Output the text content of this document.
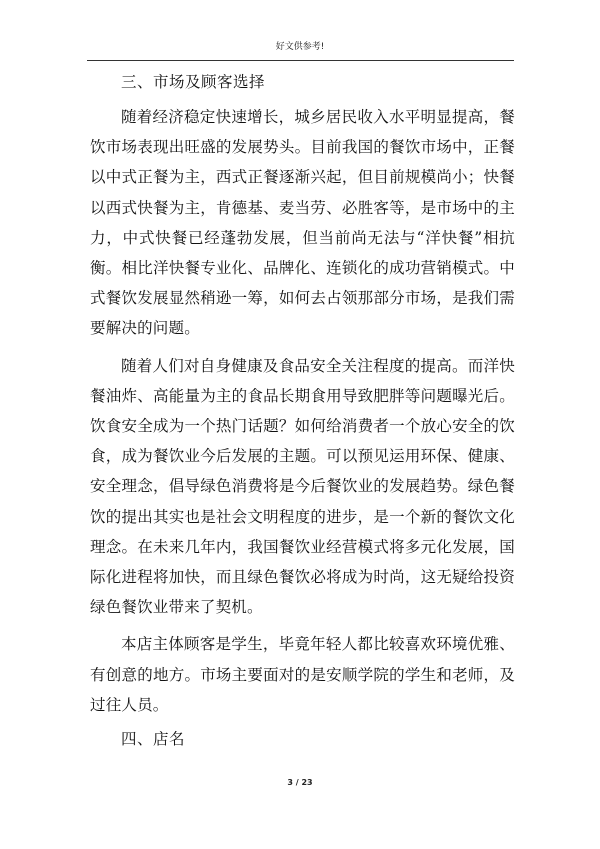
好文供参考!
三、市场及顾客选择

随着经济稳定快速增长，城乡居民收入水平明显提高，餐饮市场表现出旺盛的发展势头。目前我国的餐饮市场中，正餐以中式正餐为主，西式正餐逐渐兴起，但目前规模尚小；快餐以西式快餐为主，肯德基、麦当劳、必胜客等，是市场中的主力，中式快餐已经蓬勃发展，但当前尚无法与“洋快餐”相抗衡。相比洋快餐专业化、品牌化、连锁化的成功营销模式。中式餐饮发展显然稍逊一筹，如何去占领那部分市场，是我们需要解决的问题。

随着人们对自身健康及食品安全关注程度的提高。而洋快餐油炸、高能量为主的食品长期食用导致肥胖等问题曝光后。饮食安全成为一个热门话题？如何给消费者一个放心安全的饮食，成为餐饮业今后发展的主题。可以预见运用环保、健康、安全理念，倡导绿色消费将是今后餐饮业的发展趋势。绿色餐饮的提出其实也是社会文明程度的进步，是一个新的餐饮文化理念。在未来几年内，我国餐饮业经营模式将多元化发展，国际化进程将加快，而且绿色餐饮必将成为时尚，这无疑给投资绿色餐饮业带来了契机。

本店主体顾客是学生，毕竟年轻人都比较喜欢环境优雅、有创意的地方。市场主要面对的是安顺学院的学生和老师，及过往人员。

四、店名
3 / 23
